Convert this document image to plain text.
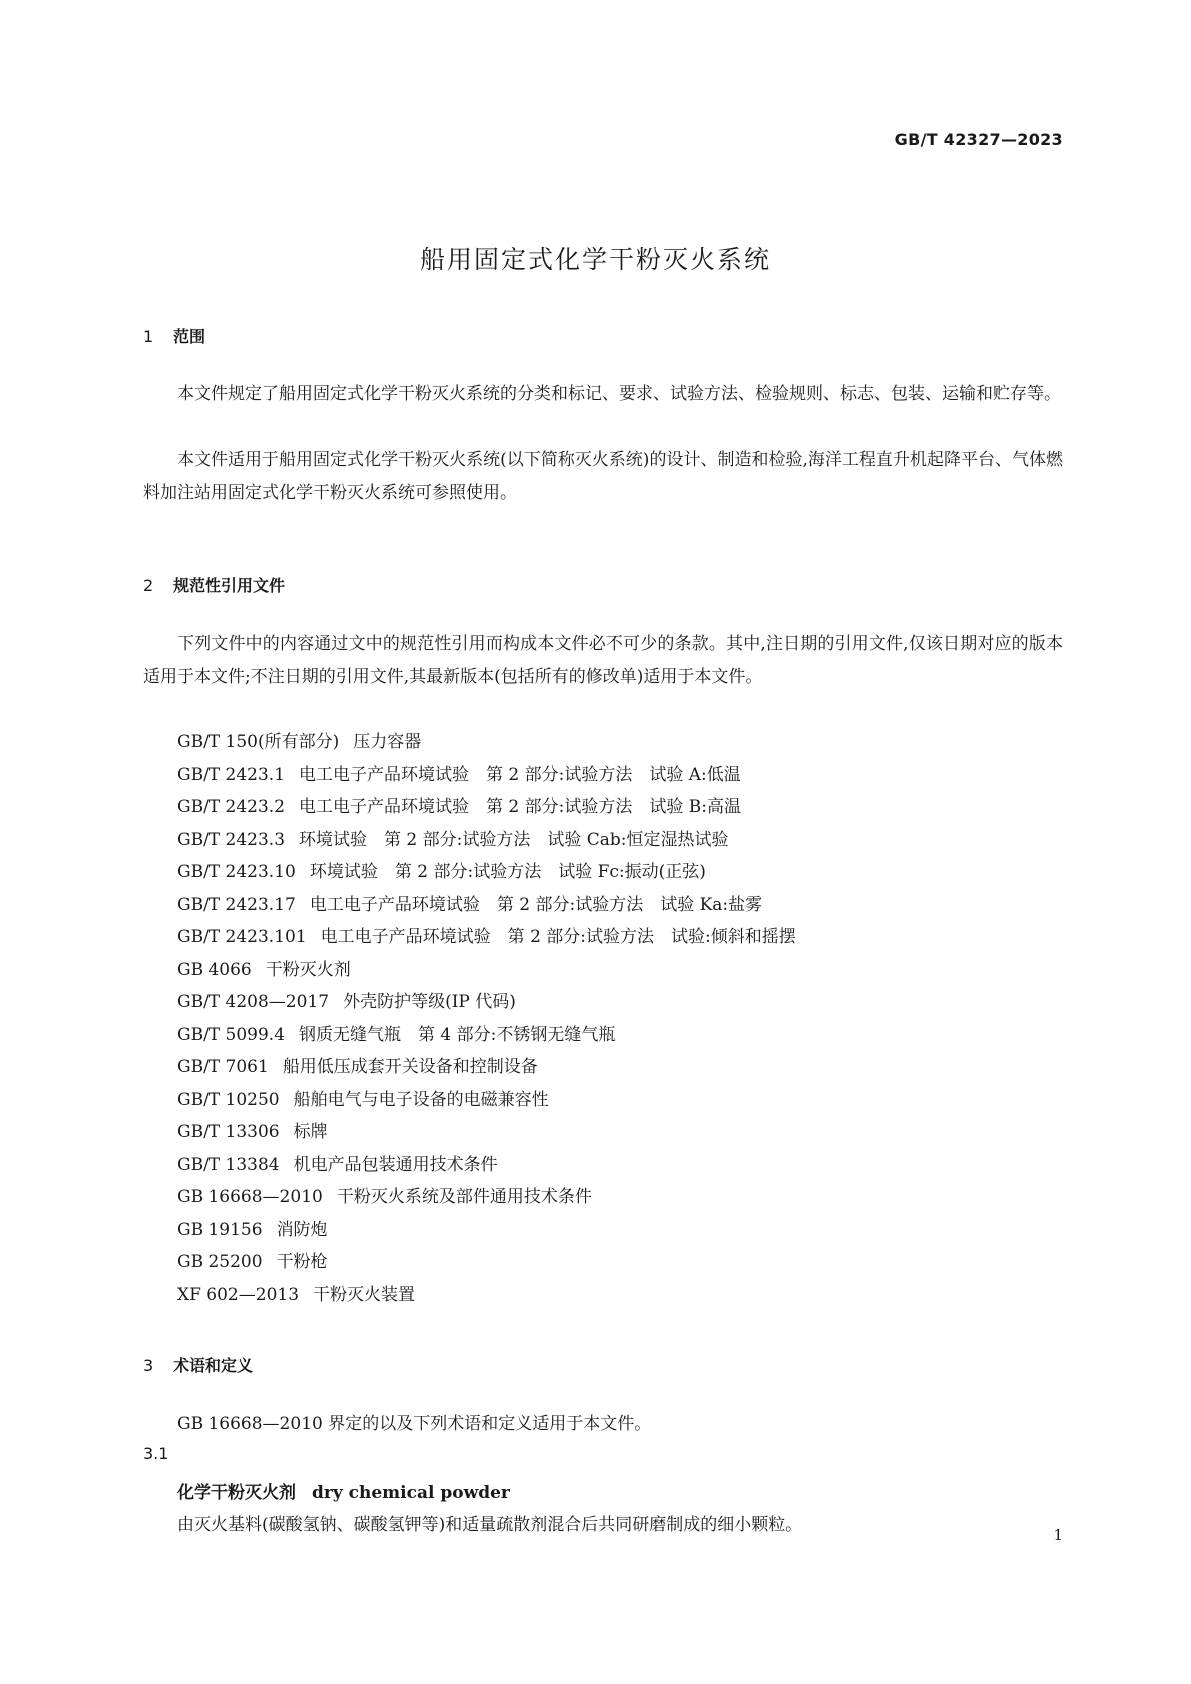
GB/T 42327—2023
船用固定式化学干粉灭火系统
1 范围
本文件规定了船用固定式化学干粉灭火系统的分类和标记、要求、试验方法、检验规则、标志、包装、运输和贮存等。
本文件适用于船用固定式化学干粉灭火系统(以下简称灭火系统)的设计、制造和检验,海洋工程直升机起降平台、气体燃料加注站用固定式化学干粉灭火系统可参照使用。
2 规范性引用文件
下列文件中的内容通过文中的规范性引用而构成本文件必不可少的条款。其中,注日期的引用文件,仅该日期对应的版本适用于本文件;不注日期的引用文件,其最新版本(包括所有的修改单)适用于本文件。
GB/T 150(所有部分) 压力容器
GB/T 2423.1 电工电子产品环境试验　第 2 部分:试验方法　试验 A:低温
GB/T 2423.2 电工电子产品环境试验　第 2 部分:试验方法　试验 B:高温
GB/T 2423.3 环境试验　第 2 部分:试验方法　试验 Cab:恒定湿热试验
GB/T 2423.10 环境试验　第 2 部分:试验方法　试验 Fc:振动(正弦)
GB/T 2423.17 电工电子产品环境试验　第 2 部分:试验方法　试验 Ka:盐雾
GB/T 2423.101 电工电子产品环境试验　第 2 部分:试验方法　试验:倾斜和摇摆
GB 4066 干粉灭火剂
GB/T 4208—2017 外壳防护等级(IP 代码)
GB/T 5099.4 钢质无缝气瓶　第 4 部分:不锈钢无缝气瓶
GB/T 7061 船用低压成套开关设备和控制设备
GB/T 10250 船舶电气与电子设备的电磁兼容性
GB/T 13306 标牌
GB/T 13384 机电产品包装通用技术条件
GB 16668—2010 干粉灭火系统及部件通用技术条件
GB 19156 消防炮
GB 25200 干粉枪
XF 602—2013 干粉灭火装置
3 术语和定义
GB 16668—2010 界定的以及下列术语和定义适用于本文件。
3.1
化学干粉灭火剂 dry chemical powder
由灭火基料(碳酸氢钠、碳酸氢钾等)和适量疏散剂混合后共同研磨制成的细小颗粒。	1
